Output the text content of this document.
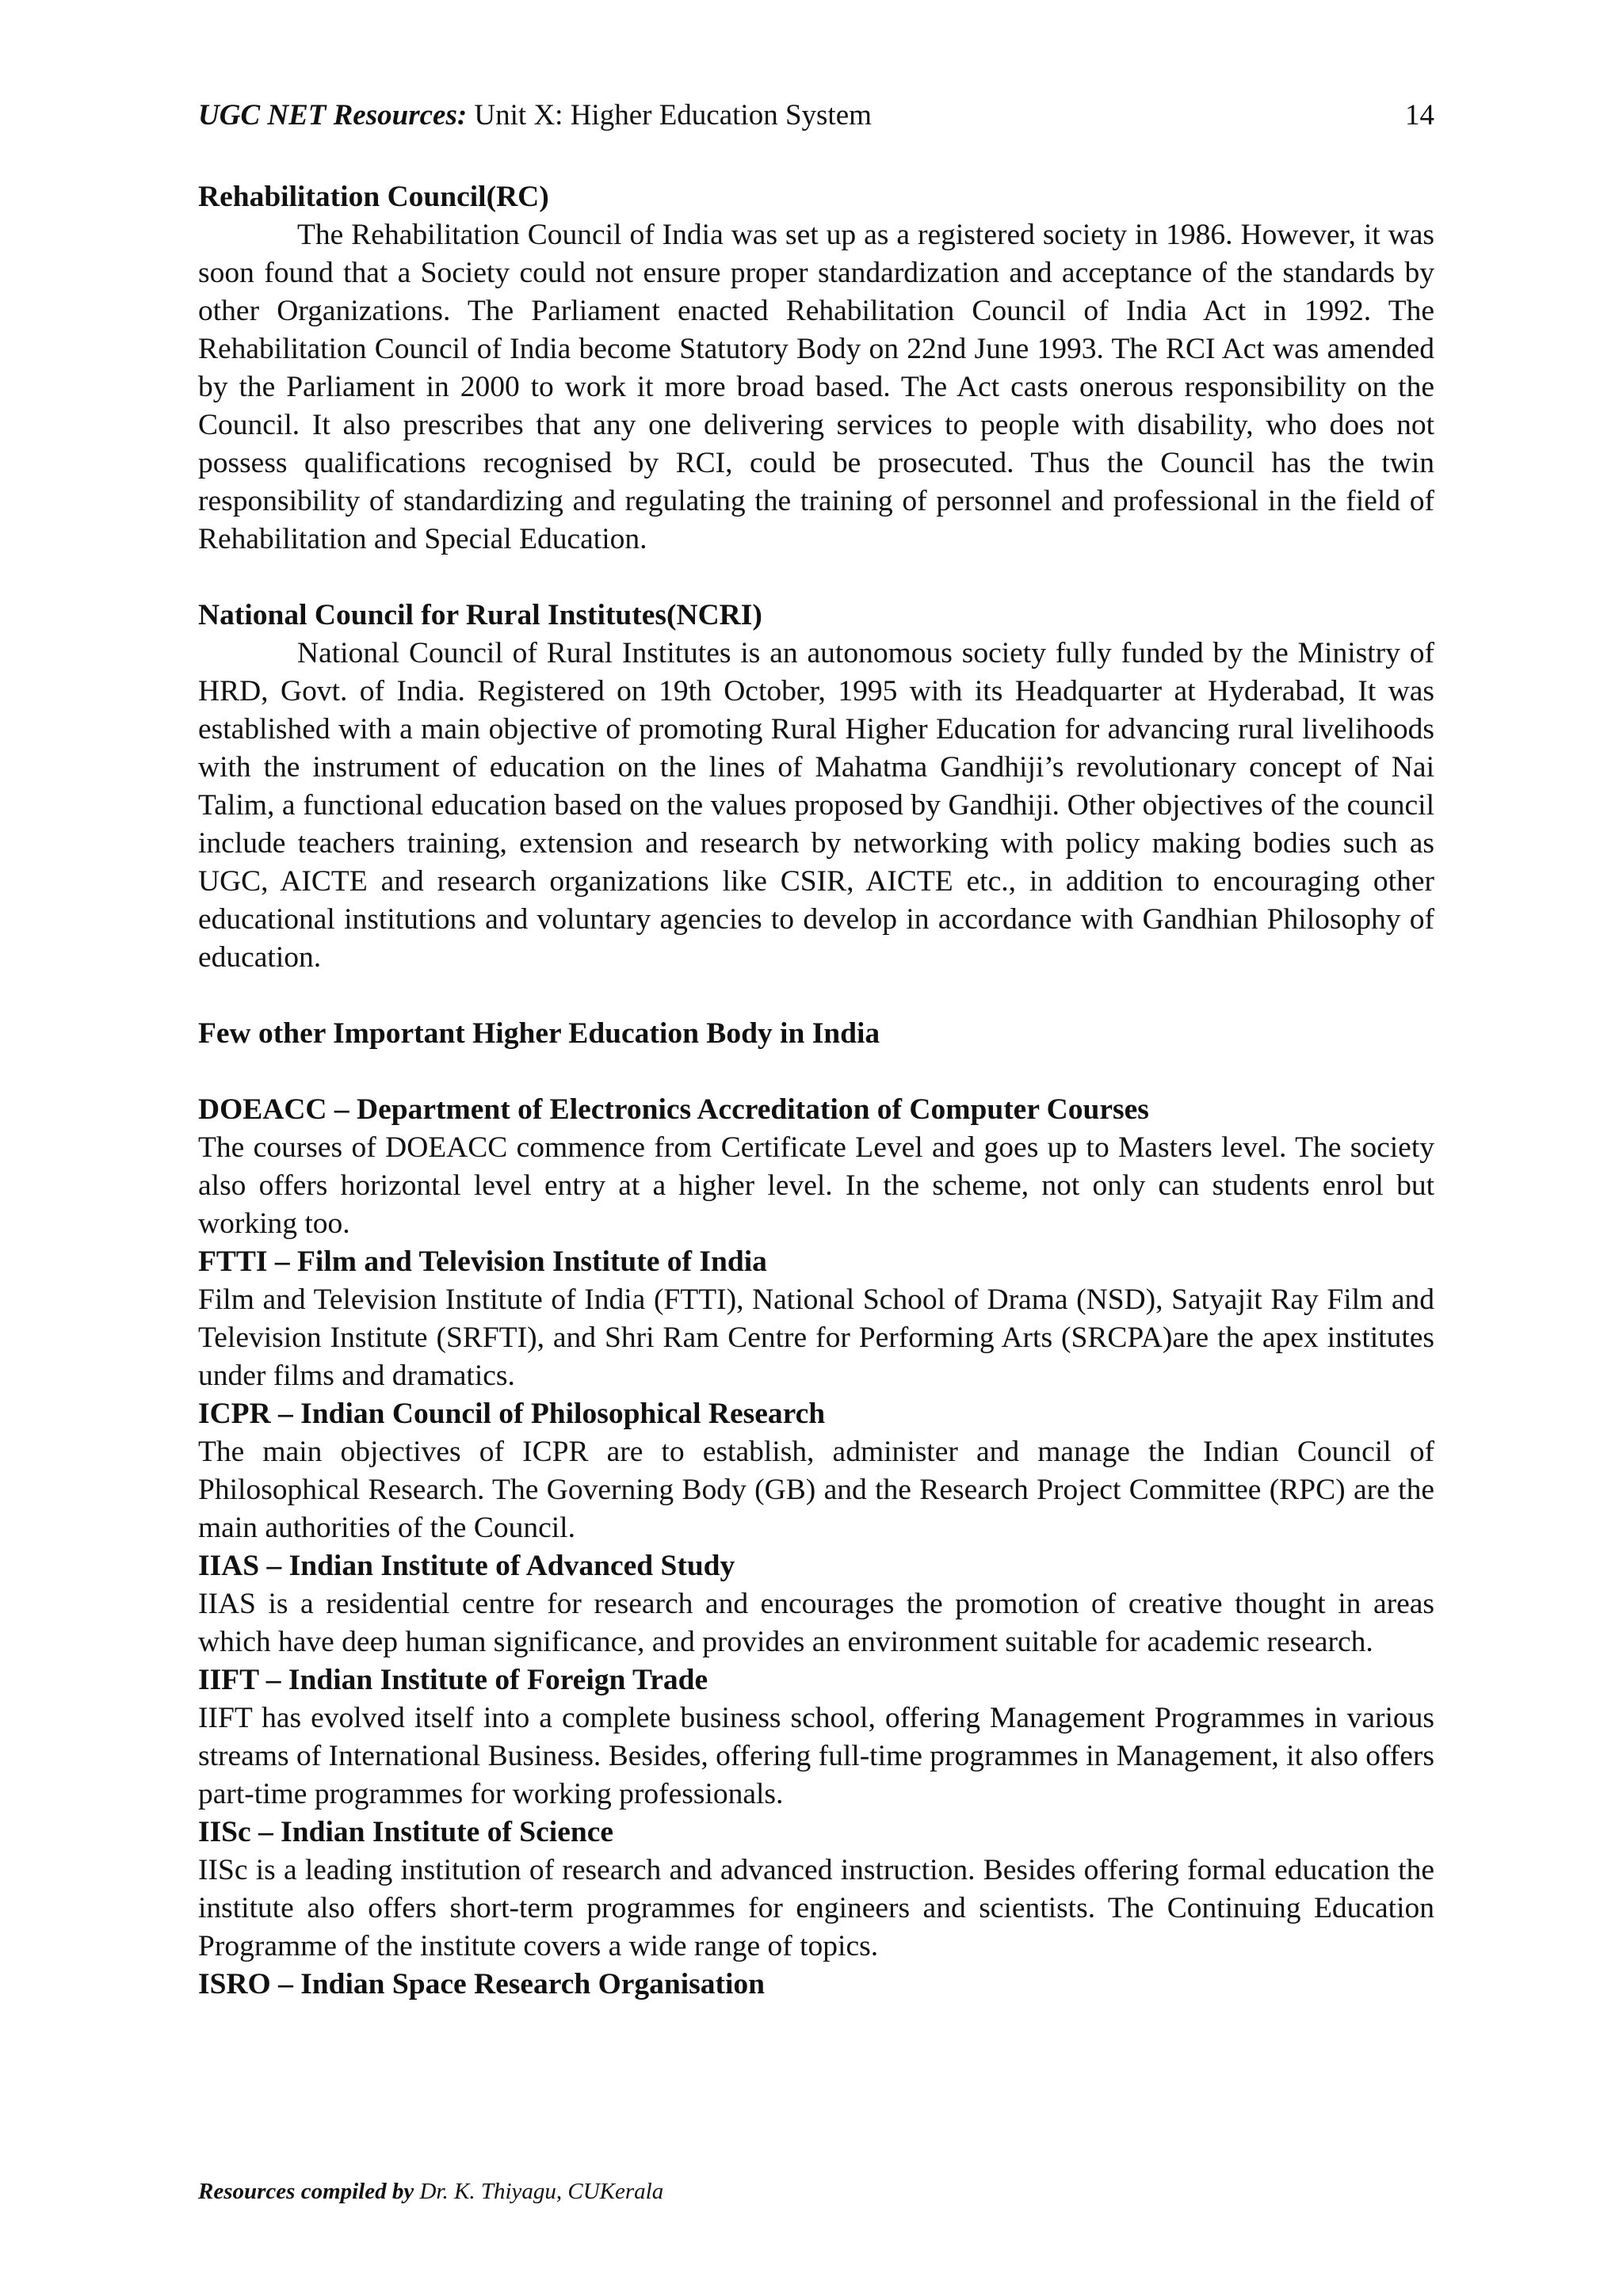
UGC NET Resources: Unit X: Higher Education System	14
Rehabilitation Council(RC)

The Rehabilitation Council of India was set up as a registered society in 1986. However, it was soon found that a Society could not ensure proper standardization and acceptance of the standards by other Organizations. The Parliament enacted Rehabilitation Council of India Act in 1992. The Rehabilitation Council of India become Statutory Body on 22nd June 1993. The RCI Act was amended by the Parliament in 2000 to work it more broad based. The Act casts onerous responsibility on the Council. It also prescribes that any one delivering services to people with disability, who does not possess qualifications recognised by RCI, could be prosecuted. Thus the Council has the twin responsibility of standardizing and regulating the training of personnel and professional in the field of Rehabilitation and Special Education.

National Council for Rural Institutes(NCRI)

National Council of Rural Institutes is an autonomous society fully funded by the Ministry of HRD, Govt. of India. Registered on 19th October, 1995 with its Headquarter at Hyderabad, It was established with a main objective of promoting Rural Higher Education for advancing rural livelihoods with the instrument of education on the lines of Mahatma Gandhiji’s revolutionary concept of Nai Talim, a functional education based on the values proposed by Gandhiji. Other objectives of the council include teachers training, extension and research by networking with policy making bodies such as UGC, AICTE and research organizations like CSIR, AICTE etc., in addition to encouraging other educational institutions and voluntary agencies to develop in accordance with Gandhian Philosophy of education.

Few other Important Higher Education Body in India
DOEACC – Department of Electronics Accreditation of Computer Courses

The courses of DOEACC commence from Certificate Level and goes up to Masters level. The society also offers horizontal level entry at a higher level. In the scheme, not only can students enrol but working too.

FTTI – Film and Television Institute of India

Film and Television Institute of India (FTTI), National School of Drama (NSD), Satyajit Ray Film and Television Institute (SRFTI), and Shri Ram Centre for Performing Arts (SRCPA)are the apex institutes under films and dramatics.

ICPR – Indian Council of Philosophical Research

The main objectives of ICPR are to establish, administer and manage the Indian Council of Philosophical Research. The Governing Body (GB) and the Research Project Committee (RPC) are the main authorities of the Council.

IIAS – Indian Institute of Advanced Study

IIAS is a residential centre for research and encourages the promotion of creative thought in areas which have deep human significance, and provides an environment suitable for academic research.

IIFT – Indian Institute of Foreign Trade

IIFT has evolved itself into a complete business school, offering Management Programmes in various streams of International Business. Besides, offering full-time programmes in Management, it also offers part-time programmes for working professionals.

IISc – Indian Institute of Science

IISc is a leading institution of research and advanced instruction. Besides offering formal education the institute also offers short-term programmes for engineers and scientists. The Continuing Education Programme of the institute covers a wide range of topics.

ISRO – Indian Space Research Organisation
Resources compiled by Dr. K. Thiyagu, CUKerala
